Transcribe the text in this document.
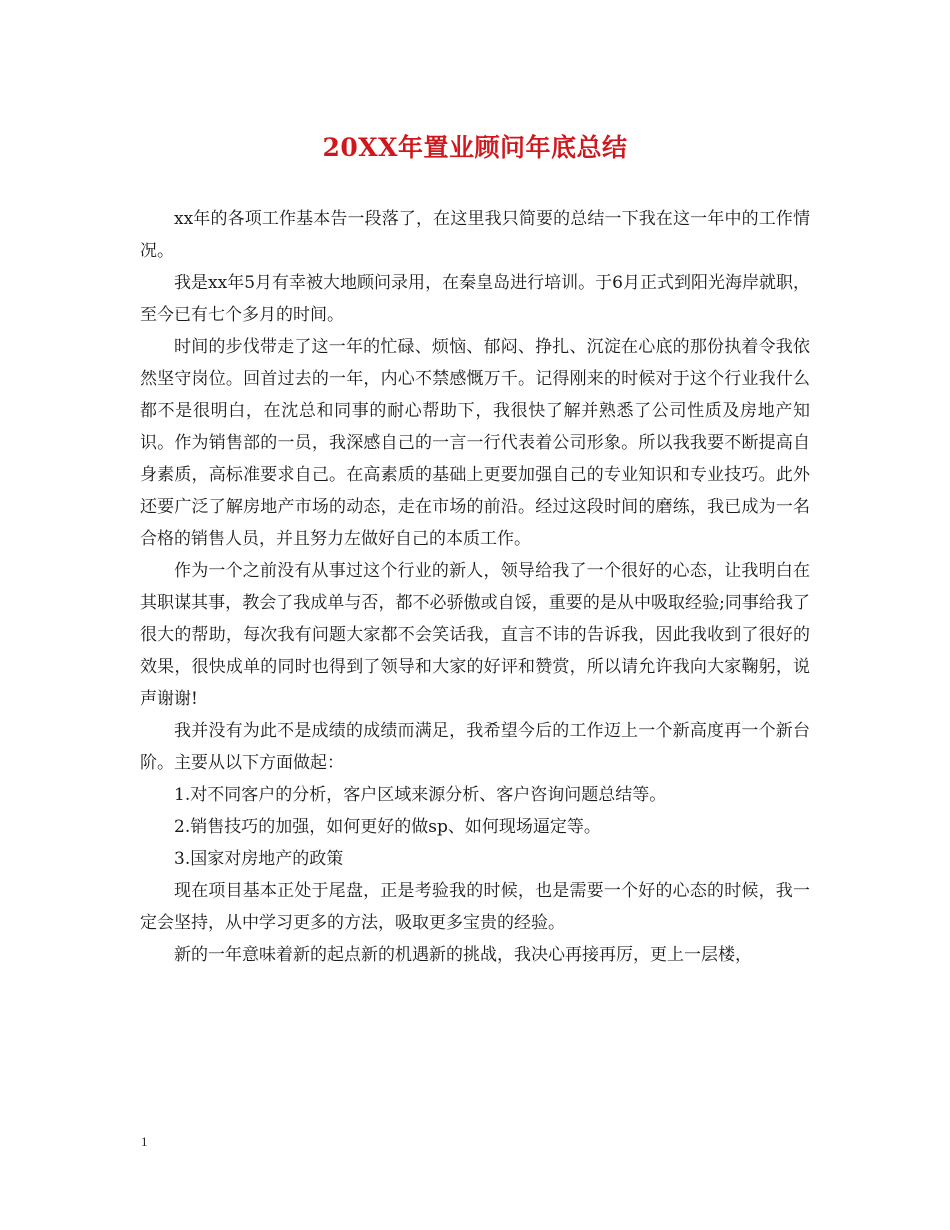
20XX年置业顾问年底总结

xx年的各项工作基本告一段落了，在这里我只简要的总结一下我在这一年中的工作情况。

我是xx年5月有幸被大地顾问录用，在秦皇岛进行培训。于6月正式到阳光海岸就职，至今已有七个多月的时间。

时间的步伐带走了这一年的忙碌、烦恼、郁闷、挣扎、沉淀在心底的那份执着令我依然坚守岗位。回首过去的一年，内心不禁感慨万千。记得刚来的时候对于这个行业我什么都不是很明白，在沈总和同事的耐心帮助下，我很快了解并熟悉了公司性质及房地产知识。作为销售部的一员，我深感自己的一言一行代表着公司形象。所以我我要不断提高自身素质，高标准要求自己。在高素质的基础上更要加强自己的专业知识和专业技巧。此外还要广泛了解房地产市场的动态，走在市场的前沿。经过这段时间的磨练，我已成为一名合格的销售人员，并且努力左做好自己的本质工作。

作为一个之前没有从事过这个行业的新人，领导给我了一个很好的心态，让我明白在其职谋其事，教会了我成单与否，都不必骄傲或自馁，重要的是从中吸取经验;同事给我了很大的帮助，每次我有问题大家都不会笑话我，直言不讳的告诉我，因此我收到了很好的效果，很快成单的同时也得到了领导和大家的好评和赞赏，所以请允许我向大家鞠躬，说声谢谢!

我并没有为此不是成绩的成绩而满足，我希望今后的工作迈上一个新高度再一个新台阶。主要从以下方面做起：

1.对不同客户的分析，客户区域来源分析、客户咨询问题总结等。

2.销售技巧的加强，如何更好的做sp、如何现场逼定等。

3.国家对房地产的政策

现在项目基本正处于尾盘，正是考验我的时候，也是需要一个好的心态的时候，我一定会坚持，从中学习更多的方法，吸取更多宝贵的经验。

新的一年意味着新的起点新的机遇新的挑战，我决心再接再厉，更上一层楼，

1
